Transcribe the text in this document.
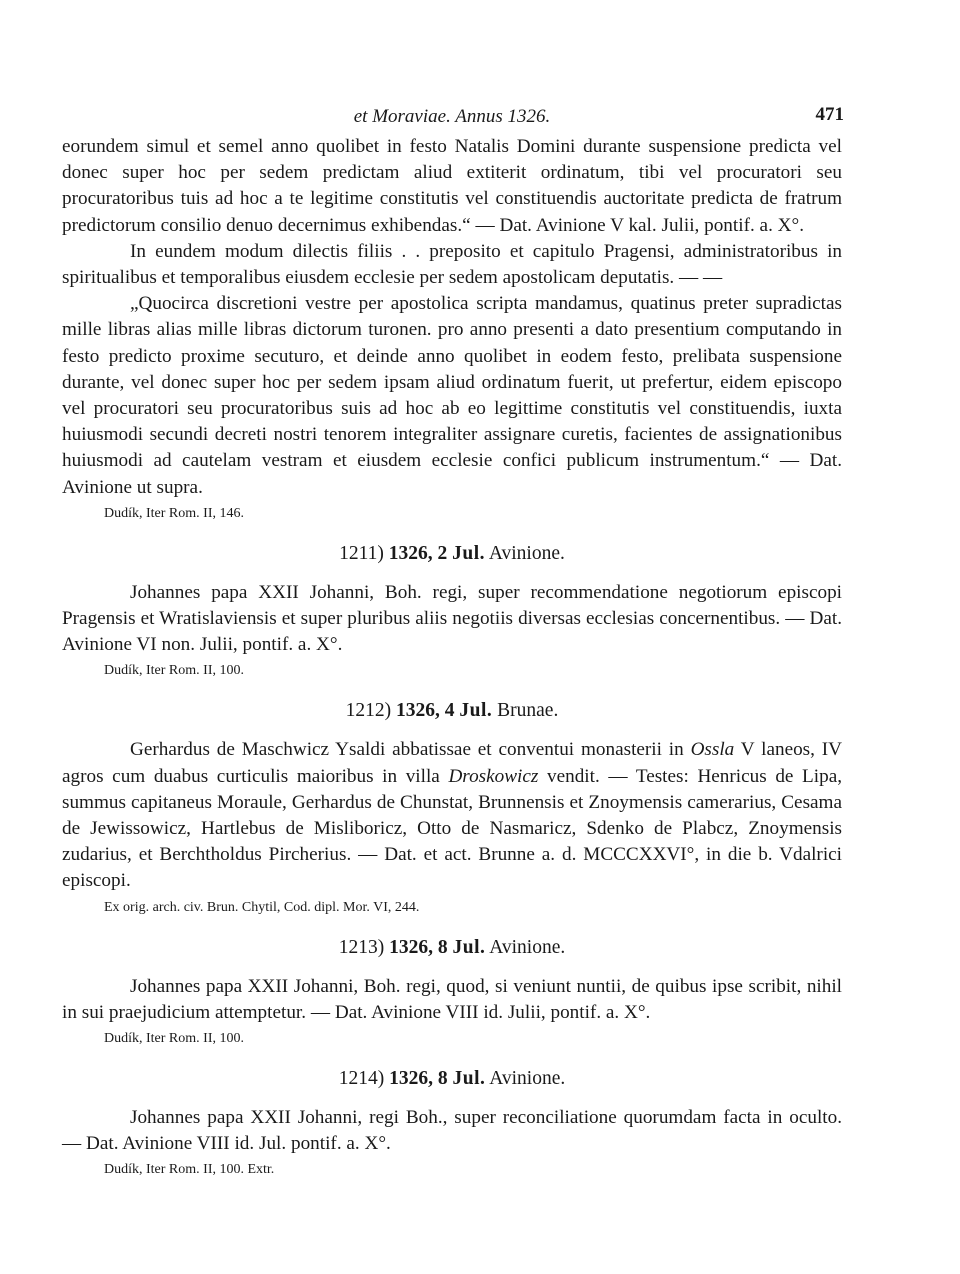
et Moraviae. Annus 1326.	471

eorundem simul et semel anno quolibet in festo Natalis Domini durante suspensione predicta vel donec super hoc per sedem predictam aliud extiterit ordinatum, tibi vel procuratori seu procuratoribus tuis ad hoc a te legitime constitutis vel constituendis auctoritate predicta de fratrum predictorum consilio denuo decernimus exhibendas.“ — Dat. Avinione V kal. Julii, pontif. a. X°.

In eundem modum dilectis filiis . . preposito et capitulo Pragensi, administratoribus in spiritualibus et temporalibus eiusdem ecclesie per sedem apostolicam deputatis. — —

„Quocirca discretioni vestre per apostolica scripta mandamus, quatinus preter supradictas mille libras alias mille libras dictorum turonen. pro anno presenti a dato presentium computando in festo predicto proxime secuturo, et deinde anno quolibet in eodem festo, prelibata suspensione durante, vel donec super hoc per sedem ipsam aliud ordinatum fuerit, ut prefertur, eidem episcopo vel procuratori seu procuratoribus suis ad hoc ab eo legittime constitutis vel constituendis, iuxta huiusmodi secundi decreti nostri tenorem integraliter assignare curetis, facientes de assignationibus huiusmodi ad cautelam vestram et eiusdem ecclesie confici publicum instrumentum.“ — Dat. Avinione ut supra.

Dudík, Iter Rom. II, 146.
1211) 1326, 2 Jul. Avinione.

Johannes papa XXII Johanni, Boh. regi, super recommendatione negotiorum episcopi Pragensis et Wratislaviensis et super pluribus aliis negotiis diversas ecclesias concernentibus. — Dat. Avinione VI non. Julii, pontif. a. X°.

Dudík, Iter Rom. II, 100.
1212) 1326, 4 Jul. Brunae.

Gerhardus de Maschwicz Ysaldi abbatissae et conventui monasterii in Ossla V laneos, IV agros cum duabus curticulis maioribus in villa Droskowicz vendit. — Testes: Henricus de Lipa, summus capitaneus Moraule, Gerhardus de Chunstat, Brunnensis et Znoymensis camerarius, Cesama de Jewissowicz, Hartlebus de Misliboricz, Otto de Nasmaricz, Sdenko de Plabcz, Znoymensis zudarius, et Berchtholdus Pircherius. — Dat. et act. Brunne a. d. MCCCXXVI°, in die b. Vdalrici episcopi.

Ex orig. arch. civ. Brun. Chytil, Cod. dipl. Mor. VI, 244.
1213) 1326, 8 Jul. Avinione.

Johannes papa XXII Johanni, Boh. regi, quod, si veniunt nuntii, de quibus ipse scribit, nihil in sui praejudicium attemptetur. — Dat. Avinione VIII id. Julii, pontif. a. X°.

Dudík, Iter Rom. II, 100.
1214) 1326, 8 Jul. Avinione.

Johannes papa XXII Johanni, regi Boh., super reconciliatione quorumdam facta in oculto. — Dat. Avinione VIII id. Jul. pontif. a. X°.

Dudík, Iter Rom. II, 100. Extr.
